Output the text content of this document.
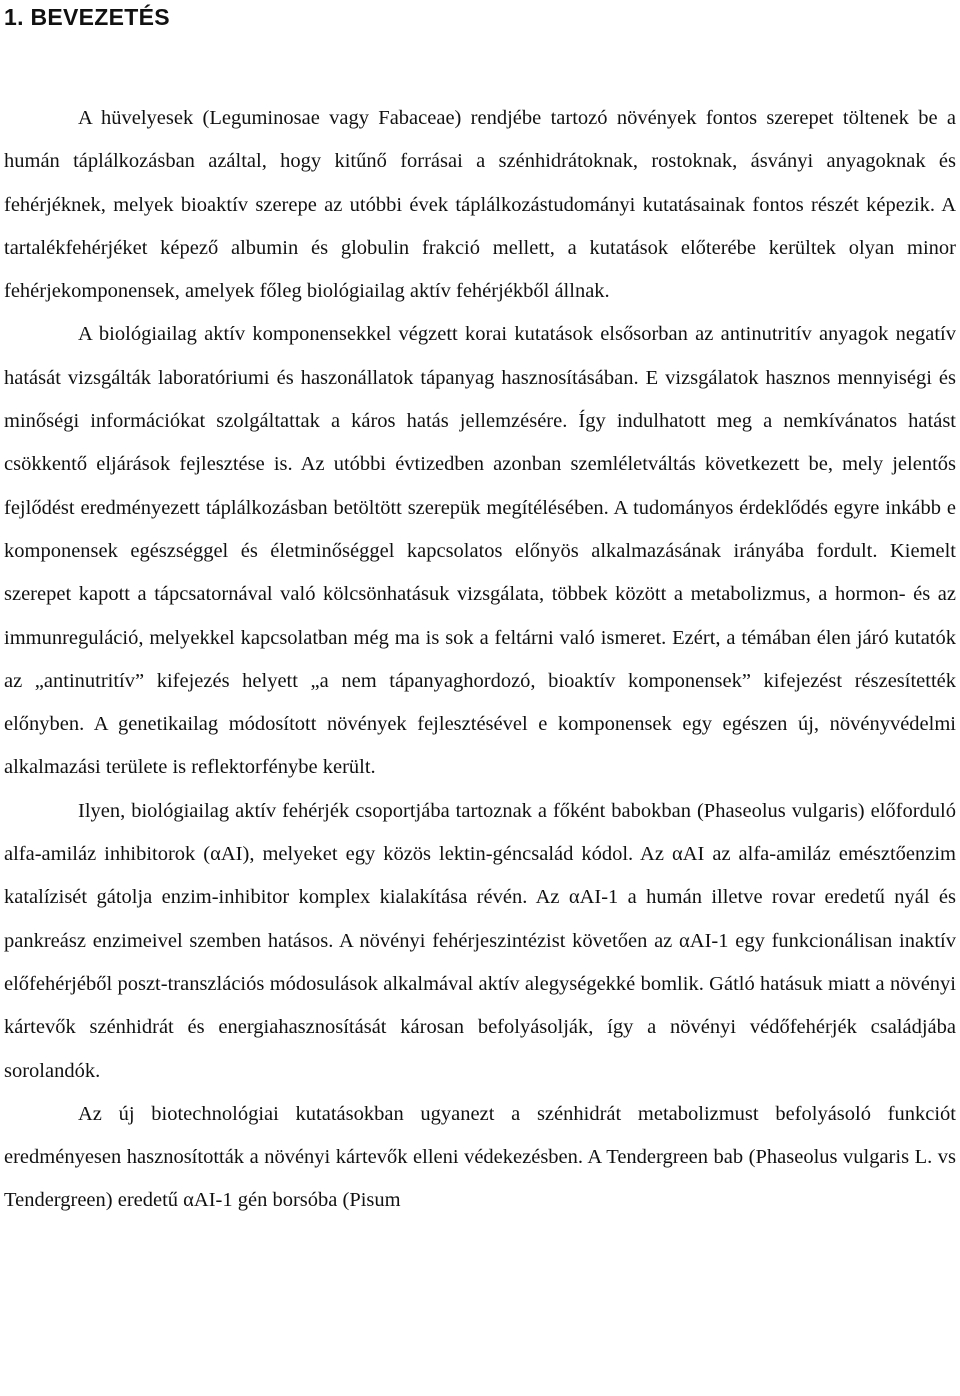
1. BEVEZETÉS

A hüvelyesek (Leguminosae vagy Fabaceae) rendjébe tartozó növények fontos szerepet töltenek be a humán táplálkozásban azáltal, hogy kitűnő forrásai a szénhidrátoknak, rostoknak, ásványi anyagoknak és fehérjéknek, melyek bioaktív szerepe az utóbbi évek táplálkozástudományi kutatásainak fontos részét képezik. A tartalékfehérjéket képező albumin és globulin frakció mellett, a kutatások előterébe kerültek olyan minor fehérjekomponensek, amelyek főleg biológiailag aktív fehérjékből állnak.

A biológiailag aktív komponensekkel végzett korai kutatások elsősorban az antinutritív anyagok negatív hatását vizsgálták laboratóriumi és haszonállatok tápanyag hasznosításában. E vizsgálatok hasznos mennyiségi és minőségi információkat szolgáltattak a káros hatás jellemzésére. Így indulhatott meg a nemkívánatos hatást csökkentő eljárások fejlesztése is. Az utóbbi évtizedben azonban szemléletváltás következett be, mely jelentős fejlődést eredményezett táplálkozásban betöltött szerepük megítélésében. A tudományos érdeklődés egyre inkább e komponensek egészséggel és életminőséggel kapcsolatos előnyös alkalmazásának irányába fordult. Kiemelt szerepet kapott a tápcsatornával való kölcsönhatásuk vizsgálata, többek között a metabolizmus, a hormon- és az immunreguláció, melyekkel kapcsolatban még ma is sok a feltárni való ismeret. Ezért, a témában élen járó kutatók az „antinutritív” kifejezés helyett „a nem tápanyaghordozó, bioaktív komponensek” kifejezést részesítették előnyben. A genetikailag módosított növények fejlesztésével e komponensek egy egészen új, növényvédelmi alkalmazási területe is reflektorfénybe került.

Ilyen, biológiailag aktív fehérjék csoportjába tartoznak a főként babokban (Phaseolus vulgaris) előforduló alfa-amiláz inhibitorok (αAI), melyeket egy közös lektin-géncsalád kódol. Az αAI az alfa-amiláz emésztőenzim katalízisét gátolja enzim-inhibitor komplex kialakítása révén. Az αAI-1 a humán illetve rovar eredetű nyál és pankreász enzimeivel szemben hatásos. A növényi fehérjeszintézist követően az αAI-1 egy funkcionálisan inaktív előfehérjéből poszt-transzlációs módosulások alkalmával aktív alegységekké bomlik. Gátló hatásuk miatt a növényi kártevők szénhidrát és energiahasznosítását károsan befolyásolják, így a növényi védőfehérjék családjába sorolandók.

Az új biotechnológiai kutatásokban ugyanezt a szénhidrát metabolizmust befolyásoló funkciót eredményesen hasznosították a növényi kártevők elleni védekezésben. A Tendergreen bab (Phaseolus vulgaris L. vs Tendergreen) eredetű αAI-1 gén borsóba (Pisum
